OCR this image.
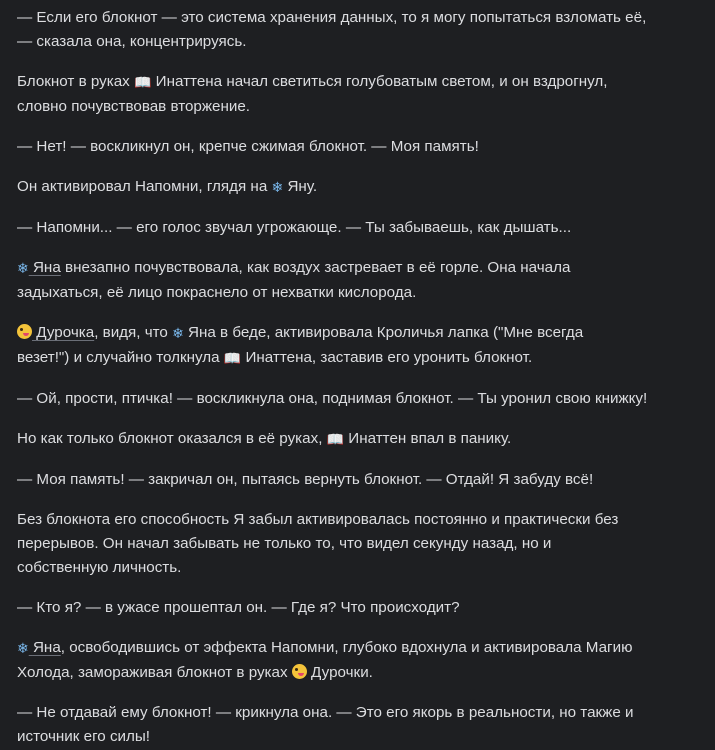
— Если его блокнот — это система хранения данных, то я могу попытаться взломать её,
— сказала она, концентрируясь.

Блокнот в руках 📖 Инаттена начал светиться голубоватым светом, и он вздрогнул,
словно почувствовав вторжение.

— Нет! — воскликнул он, крепче сжимая блокнот. — Моя память!

Он активировал Напомни, глядя на ❄ Яну.

— Напомни... — его голос звучал угрожающе. — Ты забываешь, как дышать...

❄ Яна внезапно почувствовала, как воздух застревает в её горле. Она начала
задыхаться, её лицо покраснело от нехватки кислорода.

Дурочка, видя, что ❄ Яна в беде, активировала Кроличья лапка ("Мне всегда
везет!") и случайно толкнула 📖 Инаттена, заставив его уронить блокнот.

— Ой, прости, птичка! — воскликнула она, поднимая блокнот. — Ты уронил свою книжку!

Но как только блокнот оказался в её руках, 📖 Инаттен впал в панику.

— Моя память! — закричал он, пытаясь вернуть блокнот. — Отдай! Я забуду всё!

Без блокнота его способность Я забыл активировалась постоянно и практически без
перерывов. Он начал забывать не только то, что видел секунду назад, но и
собственную личность.

— Кто я? — в ужасе прошептал он. — Где я? Что происходит?

❄ Яна, освободившись от эффекта Напомни, глубоко вдохнула и активировала Магию
Холода, замораживая блокнот в руках  Дурочки.

— Не отдавай ему блокнот! — крикнула она. — Это его якорь в реальности, но также и
источник его силы!
